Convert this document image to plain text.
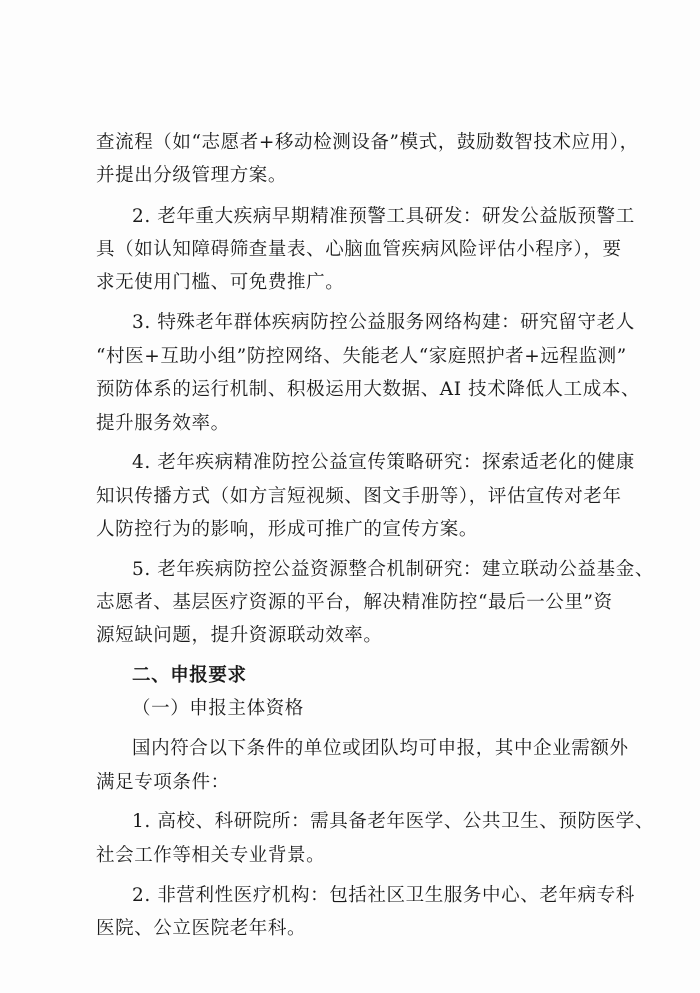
查流程（如“志愿者+移动检测设备”模式，鼓励数智技术应用），
并提出分级管理方案。
2. 老年重大疾病早期精准预警工具研发：研发公益版预警工
具（如认知障碍筛查量表、心脑血管疾病风险评估小程序），要
求无使用门槛、可免费推广。
3. 特殊老年群体疾病防控公益服务网络构建：研究留守老人
“村医+互助小组”防控网络、失能老人“家庭照护者+远程监测”
预防体系的运行机制、积极运用大数据、AI 技术降低人工成本、
提升服务效率。
4. 老年疾病精准防控公益宣传策略研究：探索适老化的健康
知识传播方式（如方言短视频、图文手册等），评估宣传对老年
人防控行为的影响，形成可推广的宣传方案。
5. 老年疾病防控公益资源整合机制研究：建立联动公益基金、
志愿者、基层医疗资源的平台，解决精准防控“最后一公里”资
源短缺问题，提升资源联动效率。
二、申报要求
（一）申报主体资格
国内符合以下条件的单位或团队均可申报，其中企业需额外
满足专项条件：
1. 高校、科研院所：需具备老年医学、公共卫生、预防医学、
社会工作等相关专业背景。
2. 非营利性医疗机构：包括社区卫生服务中心、老年病专科
医院、公立医院老年科。
